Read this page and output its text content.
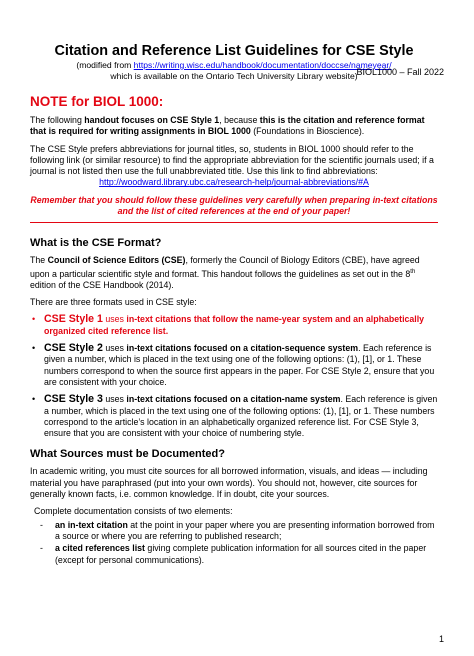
BIOL1000 – Fall 2022
Citation and Reference List Guidelines for CSE Style
(modified from https://writing.wisc.edu/handbook/documentation/doccse/nameyear/
which is available on the Ontario Tech University Library website)
NOTE for BIOL 1000:

The following handout focuses on CSE Style 1, because this is the citation and reference format that is required for writing assignments in BIOL 1000 (Foundations in Bioscience).

The CSE Style prefers abbreviations for journal titles, so, students in BIOL 1000 should refer to the following link (or similar resource) to find the appropriate abbreviation for the scientific journals used; if a journal is not listed then use the full unabbreviated title. Use this link to find abbreviations:

http://woodward.library.ubc.ca/research-help/journal-abbreviations/#A

Remember that you should follow these guidelines very carefully when preparing in-text citations and the list of cited references at the end of your paper!

What is the CSE Format?

The Council of Science Editors (CSE), formerly the Council of Biology Editors (CBE), have agreed upon a particular scientific style and format. This handout follows the guidelines as set out in the 8th edition of the CSE Handbook (2014).

There are three formats used in CSE style:

• CSE Style 1 uses in-text citations that follow the name-year system and an alphabetically organized cited reference list.
• CSE Style 2 uses in-text citations focused on a citation-sequence system. Each reference is given a number, which is placed in the text using one of the following options: (1), [1], or 1. These numbers correspond to when the source first appears in the paper. For CSE Style 2, ensure that you are consistent with your choice.
• CSE Style 3 uses in-text citations focused on a citation-name system. Each reference is given a number, which is placed in the text using one of the following options: (1), [1], or 1. These numbers correspond to the article’s location in an alphabetically organized reference list. For CSE Style 3, ensure that you are consistent with your choice of numbering style.
What Sources must be Documented?

In academic writing, you must cite sources for all borrowed information, visuals, and ideas — including material you have paraphrased (put into your own words). You should not, however, cite sources for generally known facts, i.e. common knowledge. If in doubt, cite your sources.

Complete documentation consists of two elements:

- an in-text citation at the point in your paper where you are presenting information borrowed from a source or where you are referring to published research;
- a cited references list giving complete publication information for all sources cited in the paper (except for personal communications).
1
